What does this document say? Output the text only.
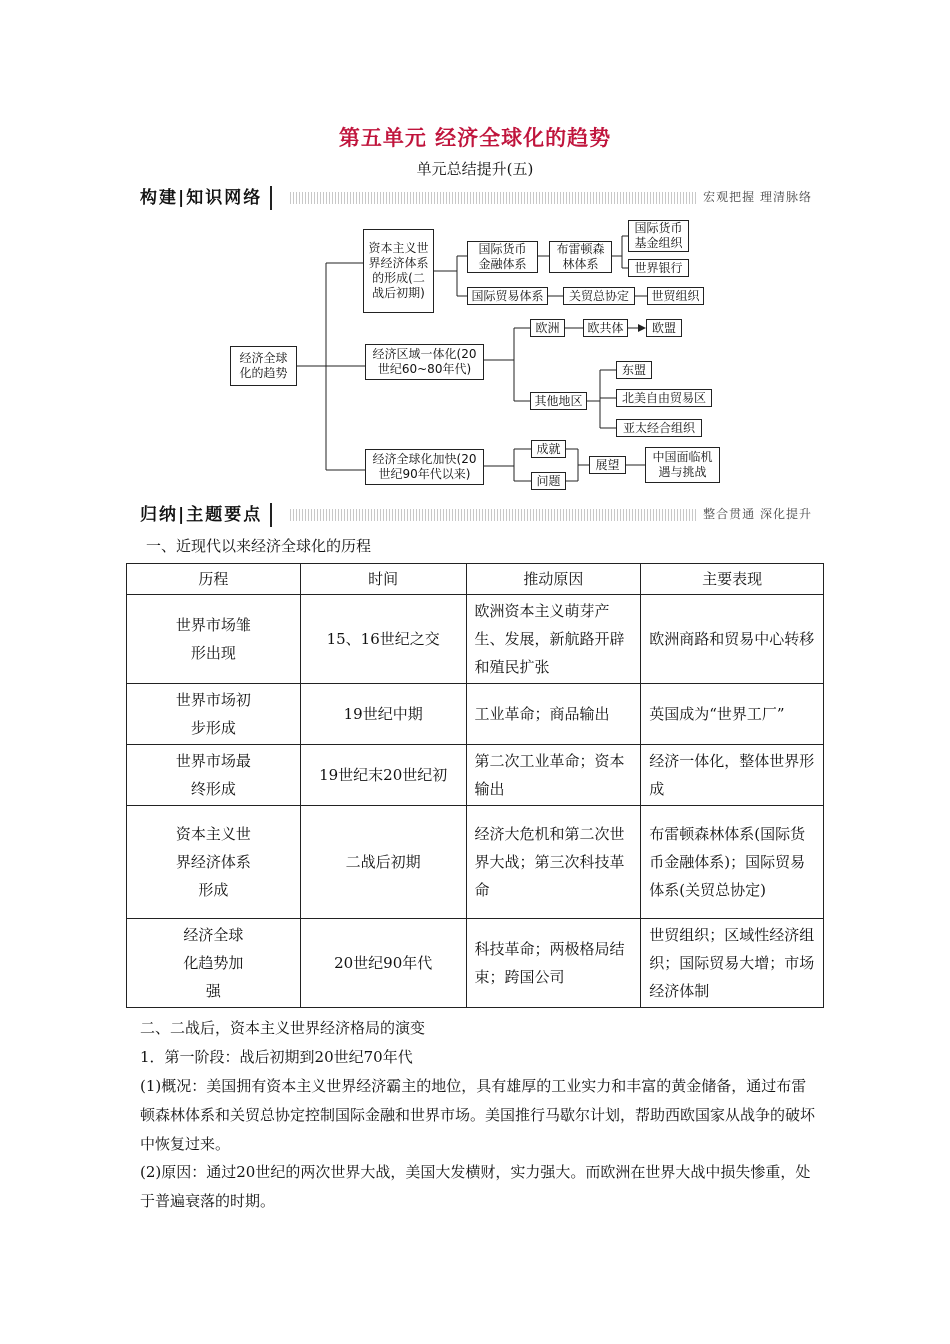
第五单元 经济全球化的趋势
单元总结提升(五)
构建|知识网络	宏观把握 理清脉络
经济全球化的趋势
资本主义世界经济体系的形成(二战后初期)
国际货币金融体系
布雷顿森林体系
国际货币基金组织
世界银行
国际贸易体系 关贸总协定 世贸组织
经济区域一体化(20世纪60~80年代)
欧洲 欧共体 欧盟
其他地区
东盟
北美自由贸易区
亚太经合组织
经济全球化加快(20世纪90年代以来)
成就
问题
展望
中国面临机遇与挑战
归纳|主题要点	整合贯通 深化提升
一、近现代以来经济全球化的历程
历程	时间	推动原因	主要表现

世界市场雏形出现	15、16世纪之交	欧洲资本主义萌芽产生、发展，新航路开辟和殖民扩张	欧洲商路和贸易中心转移

世界市场初步形成	19世纪中期	工业革命；商品输出	英国成为“世界工厂”

世界市场最终形成	19世纪末20世纪初	第二次工业革命；资本输出	经济一体化，整体世界形成

资本主义世界经济体系形成	二战后初期	经济大危机和第二次世界大战；第三次科技革命	布雷顿森林体系(国际货币金融体系)；国际贸易体系(关贸总协定)

经济全球化趋势加强	20世纪90年代	科技革命；两极格局结束；跨国公司	世贸组织；区域性经济组织；国际贸易大增；市场经济体制
二、二战后，资本主义世界经济格局的演变
1．第一阶段：战后初期到20世纪70年代
(1)概况：美国拥有资本主义世界经济霸主的地位，具有雄厚的工业实力和丰富的黄金储备，通过布雷顿森林体系和关贸总协定控制国际金融和世界市场。美国推行马歇尔计划，帮助西欧国家从战争的破坏中恢复过来。
(2)原因：通过20世纪的两次世界大战，美国大发横财，实力强大。而欧洲在世界大战中损失惨重，处于普遍衰落的时期。
